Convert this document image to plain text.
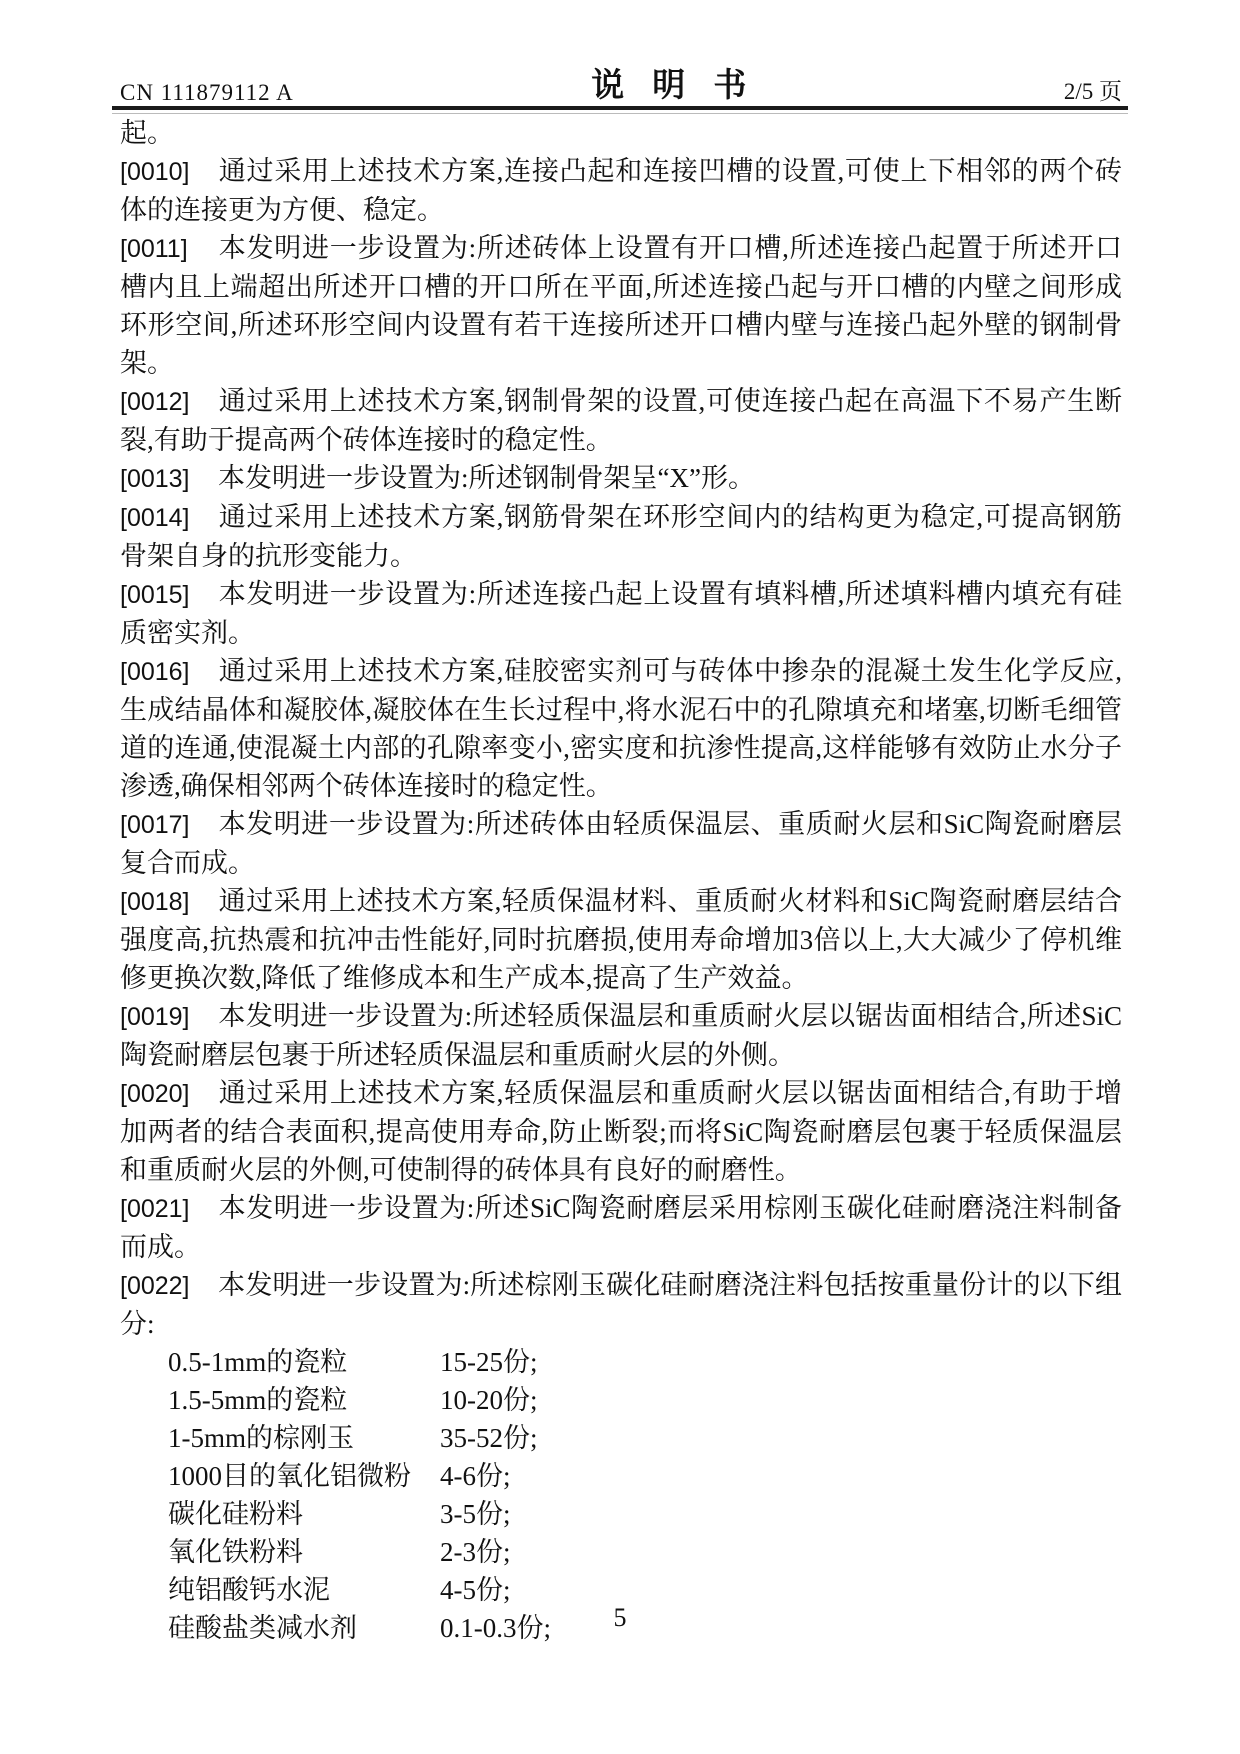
CN 111879112 A	说明书	2/5 页

起。

[0010] 通过采用上述技术方案,连接凸起和连接凹槽的设置,可使上下相邻的两个砖体的连接更为方便、稳定。

[0011] 本发明进一步设置为:所述砖体上设置有开口槽,所述连接凸起置于所述开口槽内且上端超出所述开口槽的开口所在平面,所述连接凸起与开口槽的内壁之间形成环形空间,所述环形空间内设置有若干连接所述开口槽内壁与连接凸起外壁的钢制骨架。

[0012] 通过采用上述技术方案,钢制骨架的设置,可使连接凸起在高温下不易产生断裂,有助于提高两个砖体连接时的稳定性。

[0013] 本发明进一步设置为:所述钢制骨架呈“X”形。

[0014] 通过采用上述技术方案,钢筋骨架在环形空间内的结构更为稳定,可提高钢筋骨架自身的抗形变能力。

[0015] 本发明进一步设置为:所述连接凸起上设置有填料槽,所述填料槽内填充有硅质密实剂。

[0016] 通过采用上述技术方案,硅胶密实剂可与砖体中掺杂的混凝土发生化学反应,生成结晶体和凝胶体,凝胶体在生长过程中,将水泥石中的孔隙填充和堵塞,切断毛细管道的连通,使混凝土内部的孔隙率变小,密实度和抗渗性提高,这样能够有效防止水分子渗透,确保相邻两个砖体连接时的稳定性。

[0017] 本发明进一步设置为:所述砖体由轻质保温层、重质耐火层和SiC陶瓷耐磨层复合而成。

[0018] 通过采用上述技术方案,轻质保温材料、重质耐火材料和SiC陶瓷耐磨层结合强度高,抗热震和抗冲击性能好,同时抗磨损,使用寿命增加3倍以上,大大减少了停机维修更换次数,降低了维修成本和生产成本,提高了生产效益。

[0019] 本发明进一步设置为:所述轻质保温层和重质耐火层以锯齿面相结合,所述SiC陶瓷耐磨层包裹于所述轻质保温层和重质耐火层的外侧。

[0020] 通过采用上述技术方案,轻质保温层和重质耐火层以锯齿面相结合,有助于增加两者的结合表面积,提高使用寿命,防止断裂;而将SiC陶瓷耐磨层包裹于轻质保温层和重质耐火层的外侧,可使制得的砖体具有良好的耐磨性。

[0021] 本发明进一步设置为:所述SiC陶瓷耐磨层采用棕刚玉碳化硅耐磨浇注料制备而成。

[0022] 本发明进一步设置为:所述棕刚玉碳化硅耐磨浇注料包括按重量份计的以下组分:

0.5-1mm的瓷粒	15-25份;
1.5-5mm的瓷粒	10-20份;
1-5mm的棕刚玉	35-52份;
1000目的氧化铝微粉 4-6份;
碳化硅粉料	3-5份;
氧化铁粉料	2-3份;
纯铝酸钙水泥	4-5份;
硅酸盐类减水剂	0.1-0.3份;	5
